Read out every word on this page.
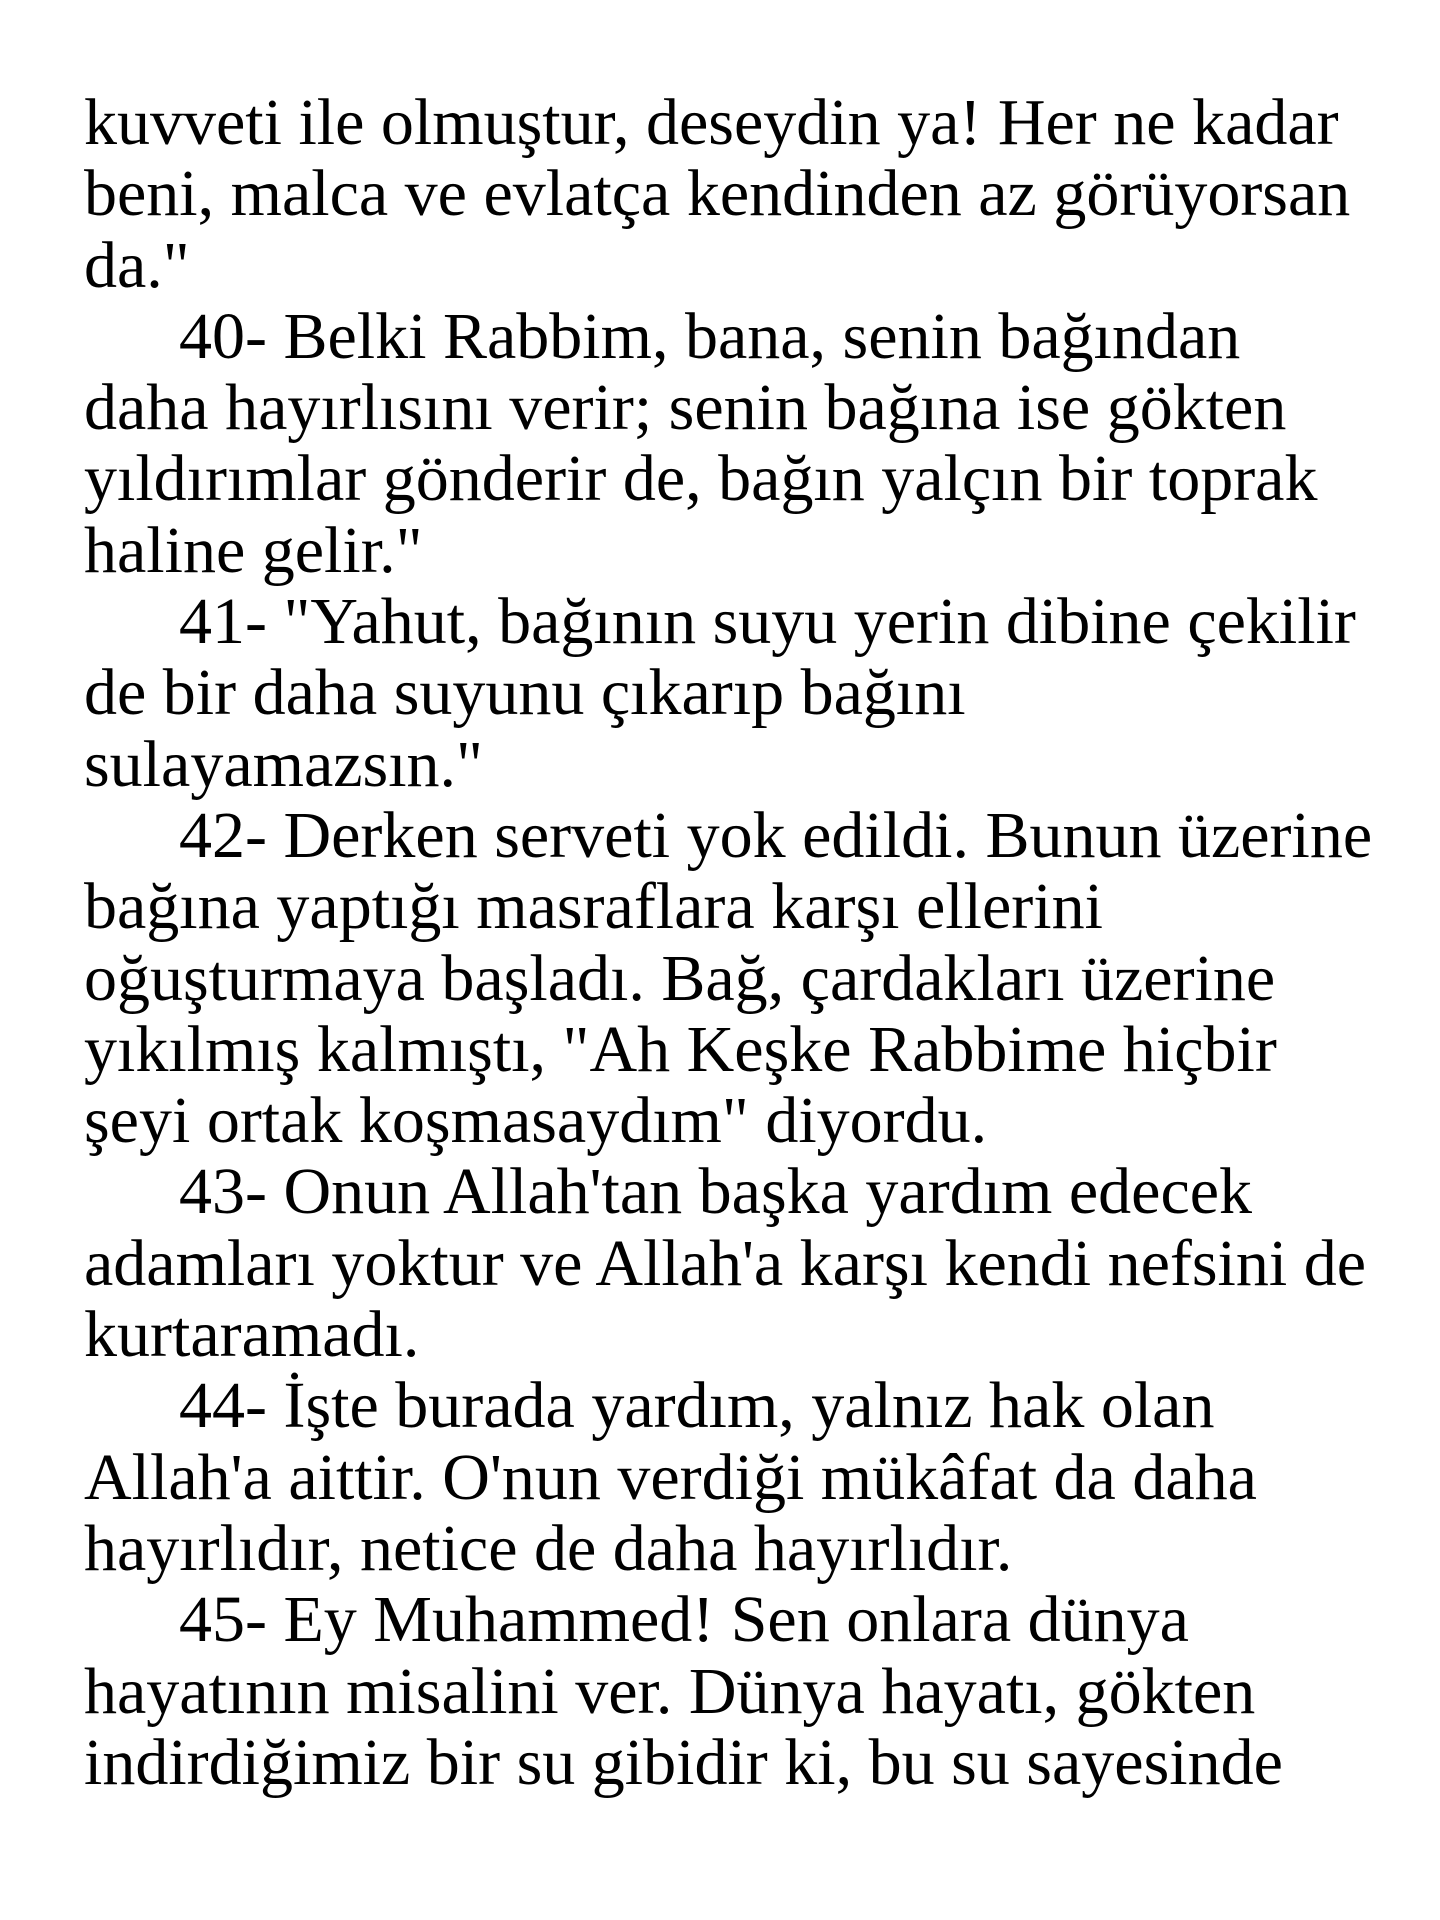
kuvveti ile olmuştur, deseydin ya! Her ne kadar
beni, malca ve evlatça kendinden az görüyorsan
da."
40- Belki Rabbim, bana, senin bağından
daha hayırlısını verir; senin bağına ise gökten
yıldırımlar gönderir de, bağın yalçın bir toprak
haline gelir."
41- "Yahut, bağının suyu yerin dibine çekilir
de bir daha suyunu çıkarıp bağını
sulayamazsın."
42- Derken serveti yok edildi. Bunun üzerine
bağına yaptığı masraflara karşı ellerini
oğuşturmaya başladı. Bağ, çardakları üzerine
yıkılmış kalmıştı, "Ah Keşke Rabbime hiçbir
şeyi ortak koşmasaydım" diyordu.
43- Onun Allah'tan başka yardım edecek
adamları yoktur ve Allah'a karşı kendi nefsini de
kurtaramadı.
44- İşte burada yardım, yalnız hak olan
Allah'a aittir. O'nun verdiği mükâfat da daha
hayırlıdır, netice de daha hayırlıdır.
45- Ey Muhammed! Sen onlara dünya
hayatının misalini ver. Dünya hayatı, gökten
indirdiğimiz bir su gibidir ki, bu su sayesinde
